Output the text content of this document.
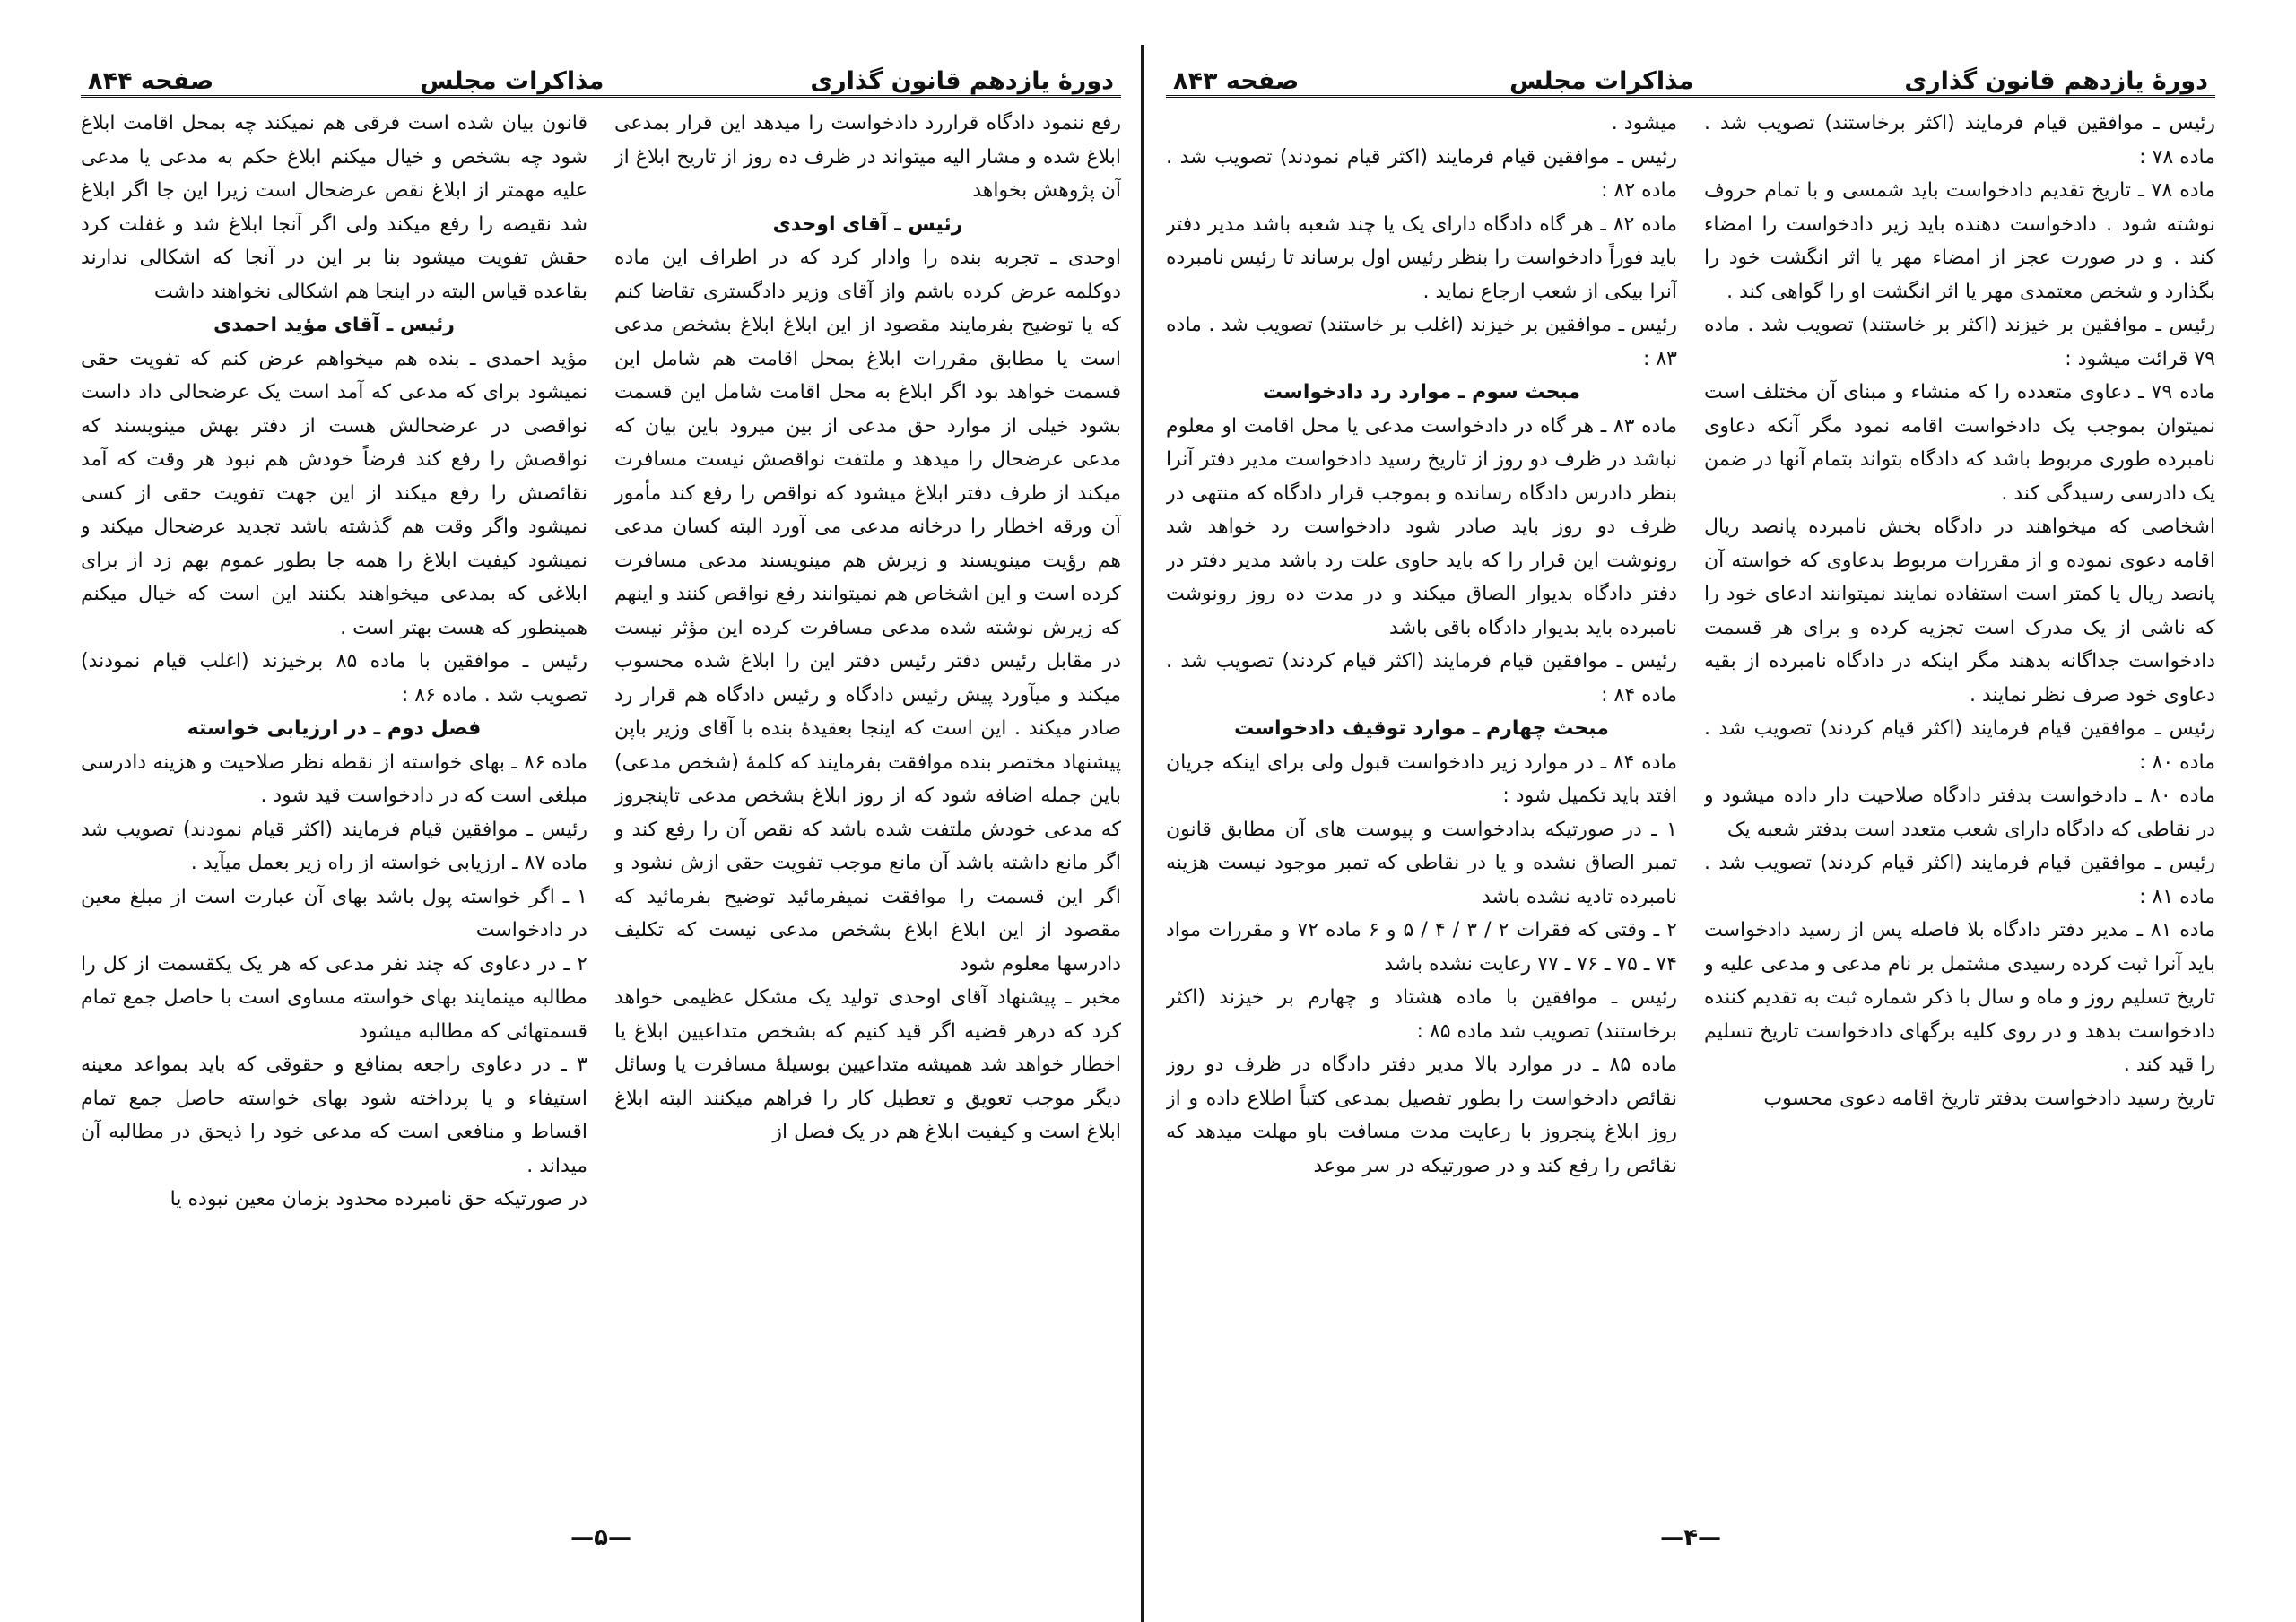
دورهٔ یازدهم قانون گذاری
مذاکرات مجلس
صفحه ۸۴۴

رفع ننمود دادگاه قراررد دادخواست را میدهد این قرار بمدعی ابلاغ شده و مشار الیه میتواند در ظرف ده روز از تاریخ ابلاغ از آن پژوهش بخواهد

رئیس ـ آقای اوحدی

اوحدی ـ تجربه بنده را وادار کرد که در اطراف این ماده دوکلمه عرض کرده باشم واز آقای وزیر دادگستری تقاضا کنم که یا توضیح بفرمایند مقصود از این ابلاغ ابلاغ بشخص مدعی است یا مطابق مقررات ابلاغ بمحل اقامت هم شامل این قسمت خواهد بود اگر ابلاغ به محل اقامت شامل این قسمت بشود خیلی از موارد حق مدعی از بین میرود باین بیان که مدعی عرضحال را میدهد و ملتفت نواقصش نیست مسافرت میکند از طرف دفتر ابلاغ میشود که نواقص را رفع کند مأمور آن ورقه اخطار را درخانه مدعی می آورد البته کسان مدعی هم رؤیت مینویسند و زیرش هم مینویسند مدعی مسافرت کرده است و این اشخاص هم نمیتوانند رفع نواقص کنند و اینهم که زیرش نوشته شده مدعی مسافرت کرده این مؤثر نیست در مقابل رئیس دفتر رئیس دفتر این را ابلاغ شده محسوب میکند و میآورد پیش رئیس دادگاه و رئیس دادگاه هم قرار رد صادر میکند . این است که اینجا بعقیدهٔ بنده با آقای وزیر باپن پیشنهاد مختصر بنده موافقت بفرمایند که کلمهٔ (شخص مدعی) باین جمله اضافه شود که از روز ابلاغ بشخص مدعی تاپنجروز که مدعی خودش ملتفت شده باشد که نقص آن را رفع کند و اگر مانع داشته باشد آن مانع موجب تفویت حقی ازش نشود و اگر این قسمت را موافقت نمیفرمائید توضیح بفرمائید که مقصود از این ابلاغ ابلاغ بشخص مدعی نیست که تکلیف دادرسها معلوم شود

مخبر ـ پیشنهاد آقای اوحدی تولید یک مشکل عظیمی خواهد کرد که درهر قضیه اگر قید کنیم که بشخص متداعیین ابلاغ یا اخطار خواهد شد همیشه متداعیین بوسیلهٔ مسافرت یا وسائل دیگر موجب تعویق و تعطیل کار را فراهم میکنند البته ابلاغ ابلاغ است و کیفیت ابلاغ هم در یک فصل از

قانون بیان شده است فرقی هم نمیکند چه بمحل اقامت ابلاغ شود چه بشخص و خیال میکنم ابلاغ حکم به مدعی یا مدعی علیه مهمتر از ابلاغ نقص عرضحال است زیرا این جا اگر ابلاغ شد نقیصه را رفع میکند ولی اگر آنجا ابلاغ شد و غفلت کرد حقش تفویت میشود بنا بر این در آنجا که اشکالی ندارند بقاعده قیاس البته در اینجا هم اشکالی نخواهند داشت

رئیس ـ آقای مؤید احمدی

مؤید احمدی ـ بنده هم میخواهم عرض کنم که تفویت حقی نمیشود برای که مدعی که آمد است یک عرضحالی داد داست نواقصی در عرضحالش هست از دفتر بهش مینویسند که نواقصش را رفع کند فرضاً خودش هم نبود هر وقت که آمد نقائصش را رفع میکند از این جهت تفویت حقی از کسی نمیشود واگر وقت هم گذشته باشد تجدید عرضحال میکند و نمیشود کیفیت ابلاغ را همه جا بطور عموم بهم زد از برای ابلاغی که بمدعی میخواهند بکنند این است که خیال میکنم همینطور که هست بهتر است .

رئیس ـ موافقین با ماده ۸۵ برخیزند (اغلب قیام نمودند) تصویب شد . ماده ۸۶ :

فصل دوم ـ در ارزیابی خواسته

ماده ۸۶ ـ بهای خواسته از نقطه نظر صلاحیت و هزینه دادرسی مبلغی است که در دادخواست قید شود .

رئیس ـ موافقین قیام فرمایند (اکثر قیام نمودند) تصویب شد ماده ۸۷ ـ ارزیابی خواسته از راه زیر بعمل میآید .

۱ ـ اگر خواسته پول باشد بهای آن عبارت است از مبلغ معین در دادخواست

۲ ـ در دعاوی که چند نفر مدعی که هر یک یکقسمت از کل را مطالبه مینمایند بهای خواسته مساوی است با حاصل جمع تمام قسمتهائی که مطالبه میشود

۳ ـ در دعاوی راجعه بمنافع و حقوقی که باید بمواعد معینه استیفاء و یا پرداخته شود بهای خواسته حاصل جمع تمام اقساط و منافعی است که مدعی خود را ذیحق در مطالبه آن میداند .

در صورتیکه حق نامبرده محدود بزمان معین نبوده یا

— ۵ —
دورهٔ یازدهم قانون گذاری
مذاکرات مجلس
صفحه ۸۴۳

رئیس ـ موافقین قیام فرمایند (اکثر برخاستند) تصویب شد . ماده ۷۸ :

ماده ۷۸ ـ تاریخ تقدیم دادخواست باید شمسی و با تمام حروف نوشته شود . دادخواست دهنده باید زیر دادخواست را امضاء کند . و در صورت عجز از امضاء مهر یا اثر انگشت خود را بگذارد و شخص معتمدی مهر یا اثر انگشت او را گواهی کند .

رئیس ـ موافقین بر خیزند (اکثر بر خاستند) تصویب شد . ماده ۷۹ قرائت میشود :

ماده ۷۹ ـ دعاوی متعدده را که منشاء و مبنای آن مختلف است نمیتوان بموجب یک دادخواست اقامه نمود مگر آنکه دعاوی نامبرده طوری مربوط باشد که دادگاه بتواند بتمام آنها در ضمن یک دادرسی رسیدگی کند .

اشخاصی که میخواهند در دادگاه بخش نامبرده پانصد ریال اقامه دعوی نموده و از مقررات مربوط بدعاوی که خواسته آن پانصد ریال یا کمتر است استفاده نمایند نمیتوانند ادعای خود را که ناشی از یک مدرک است تجزیه کرده و برای هر قسمت دادخواست جداگانه بدهند مگر اینکه در دادگاه نامبرده از بقیه دعاوی خود صرف نظر نمایند .

رئیس ـ موافقین قیام فرمایند (اکثر قیام کردند) تصویب شد . ماده ۸۰ :

ماده ۸۰ ـ دادخواست بدفتر دادگاه صلاحیت دار داده میشود و در نقاطی که دادگاه دارای شعب متعدد است بدفتر شعبه یک

رئیس ـ موافقین قیام فرمایند (اکثر قیام کردند) تصویب شد . ماده ۸۱ :

ماده ۸۱ ـ مدیر دفتر دادگاه بلا فاصله پس از رسید دادخواست باید آنرا ثبت کرده رسیدی مشتمل بر نام مدعی و مدعی علیه و تاریخ تسلیم روز و ماه و سال با ذکر شماره ثبت به تقدیم کننده دادخواست بدهد و در روی کلیه برگهای دادخواست تاریخ تسلیم را قید کند .

تاریخ رسید دادخواست بدفتر تاریخ اقامه دعوی محسوب

میشود .

رئیس ـ موافقین قیام فرمایند (اکثر قیام نمودند) تصویب شد . ماده ۸۲ :

ماده ۸۲ ـ هر گاه دادگاه دارای یک یا چند شعبه باشد مدیر دفتر باید فوراً دادخواست را بنظر رئیس اول برساند تا رئیس نامبرده آنرا بیکی از شعب ارجاع نماید .

رئیس ـ موافقین بر خیزند (اغلب بر خاستند) تصویب شد . ماده ۸۳ :

مبحث سوم ـ موارد رد دادخواست

ماده ۸۳ ـ هر گاه در دادخواست مدعی یا محل اقامت او معلوم نباشد در ظرف دو روز از تاریخ رسید دادخواست مدیر دفتر آنرا بنظر دادرس دادگاه رسانده و بموجب قرار دادگاه که منتهی در ظرف دو روز باید صادر شود دادخواست رد خواهد شد رونوشت این قرار را که باید حاوی علت رد باشد مدیر دفتر در دفتر دادگاه بدیوار الصاق میکند و در مدت ده روز رونوشت نامبرده باید بدیوار دادگاه باقی باشد

رئیس ـ موافقین قیام فرمایند (اکثر قیام کردند) تصویب شد . ماده ۸۴ :

مبحث چهارم ـ موارد توقیف دادخواست

ماده ۸۴ ـ در موارد زیر دادخواست قبول ولی برای اینکه جریان افتد باید تکمیل شود :

۱ ـ در صورتیکه بدادخواست و پیوست های آن مطابق قانون تمبر الصاق نشده و یا در نقاطی که تمبر موجود نیست هزینه نامبرده تادیه نشده باشد

۲ ـ وقتی که فقرات ۲ / ۳ / ۴ / ۵ و ۶ ماده ۷۲ و مقررات مواد ۷۴ ـ ۷۵ ـ ۷۶ ـ ۷۷ رعایت نشده باشد

رئیس ـ موافقین با ماده هشتاد و چهارم بر خیزند (اکثر برخاستند) تصویب شد ماده ۸۵ :

ماده ۸۵ ـ در موارد بالا مدیر دفتر دادگاه در ظرف دو روز نقائص دادخواست را بطور تفصیل بمدعی کتباً اطلاع داده و از روز ابلاغ پنجروز با رعایت مدت مسافت باو مهلت میدهد که نقائص را رفع کند و در صورتیکه در سر موعد

— ۴ —
